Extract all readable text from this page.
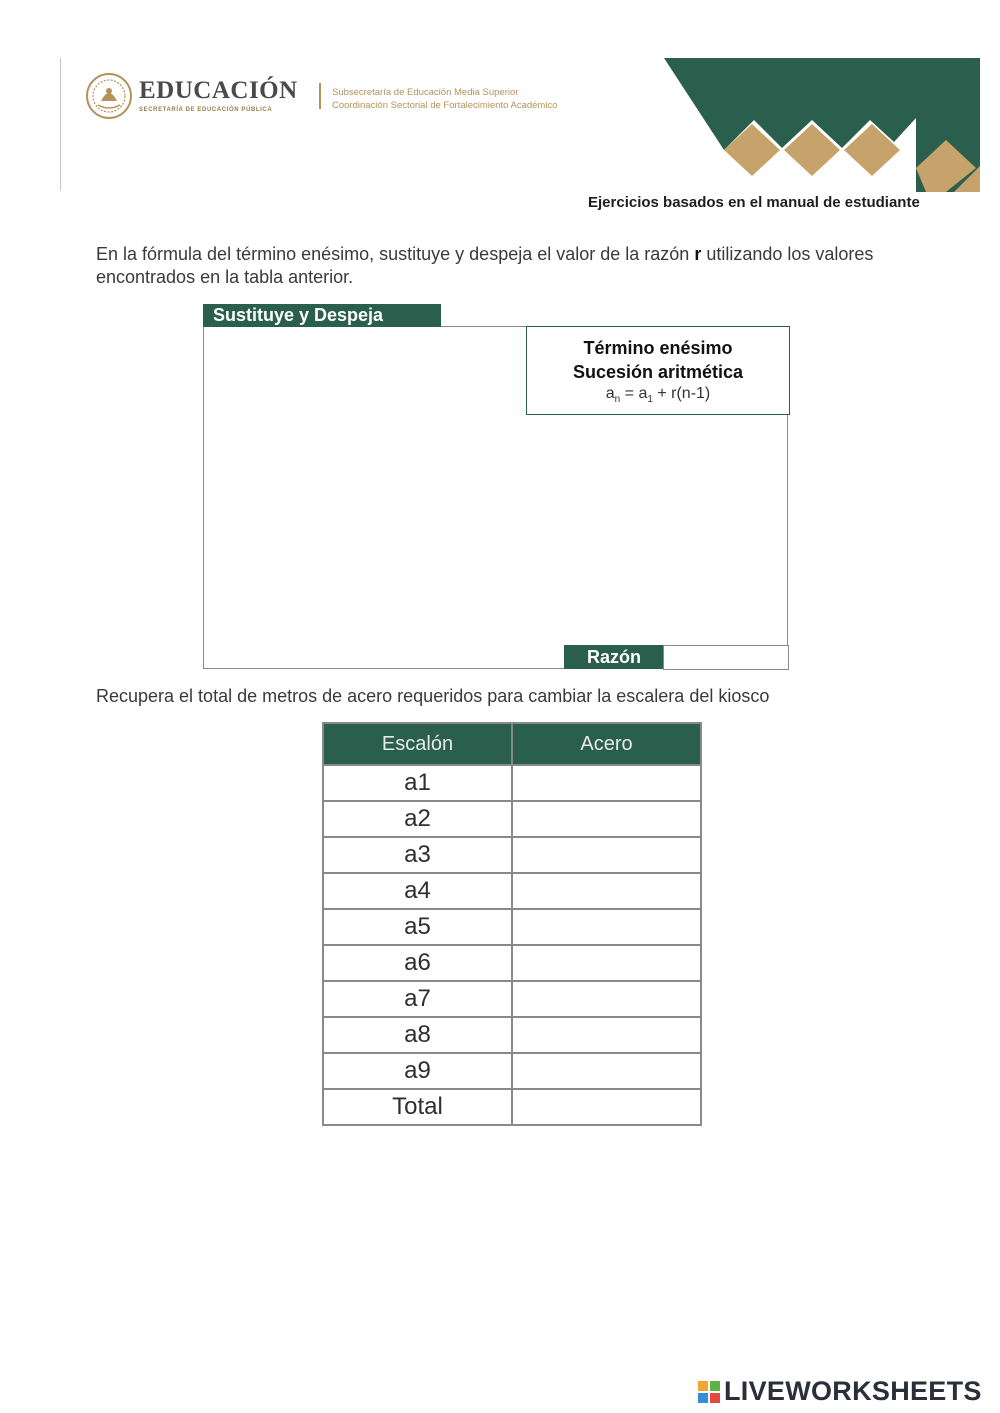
EDUCACIÓN
SECRETARÍA DE EDUCACIÓN PÚBLICA
Subsecretaría de Educación Media Superior
Coordinación Sectorial de Fortalecimiento Académico
Ejercicios basados en el manual de estudiante
En la fórmula del término enésimo, sustituye y despeja el valor de la razón r utilizando los valores encontrados en la tabla anterior.
Sustituye y Despeja
Término enésimo
Sucesión aritmética
$a_n = a_1 + r(n-1)$
Razón
Recupera el total de metros de acero requeridos para cambiar la escalera del kiosco
Escalón	Acero
a1	
a2	
a3	
a4	
a5	
a6	
a7	
a8	
a9	
Total	
LIVEWORKSHEETS
